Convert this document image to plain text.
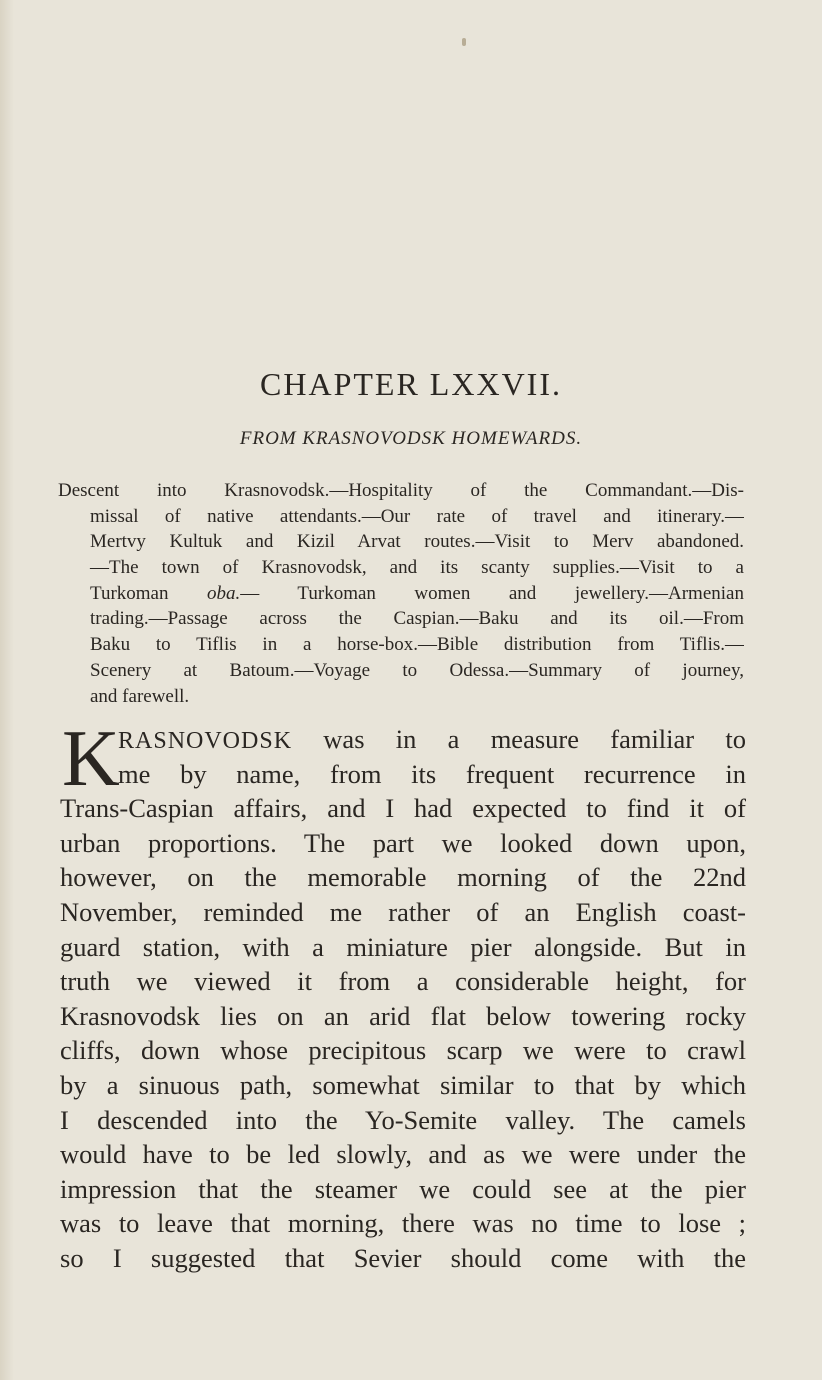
CHAPTER LXXVII.
FROM KRASNOVODSK HOMEWARDS.
Descent into Krasnovodsk.—Hospitality of the Commandant.—Dis-
missal of native attendants.—Our rate of travel and itinerary.—
Mertvy Kultuk and Kizil Arvat routes.—Visit to Merv abandoned.
—The town of Krasnovodsk, and its scanty supplies.—Visit to a
Turkoman oba.— Turkoman women and jewellery.—Armenian
trading.—Passage across the Caspian.—Baku and its oil.—From
Baku to Tiflis in a horse-box.—Bible distribution from Tiflis.—
Scenery at Batoum.—Voyage to Odessa.—Summary of journey,
and farewell.
K
RASNOVODSK was in a measure familiar to
me by name, from its frequent recurrence in
Trans-Caspian affairs, and I had expected to find it of
urban proportions. The part we looked down upon,
however, on the memorable morning of the 22nd
November, reminded me rather of an English coast-
guard station, with a miniature pier alongside. But in
truth we viewed it from a considerable height, for
Krasnovodsk lies on an arid flat below towering rocky
cliffs, down whose precipitous scarp we were to crawl
by a sinuous path, somewhat similar to that by which
I descended into the Yo-Semite valley. The camels
would have to be led slowly, and as we were under the
impression that the steamer we could see at the pier
was to leave that morning, there was no time to lose ;
so I suggested that Sevier should come with the
